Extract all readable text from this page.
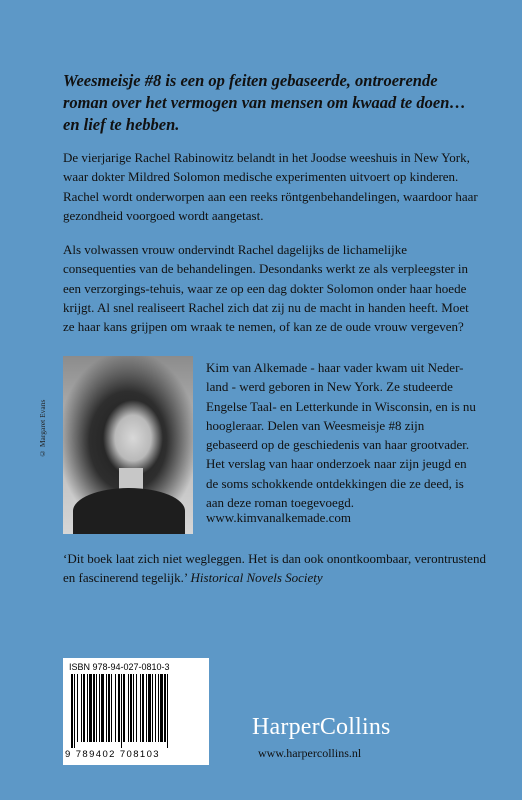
Weesmeisje #8 is een op feiten gebaseerde, ontroerende roman over het vermogen van mensen om kwaad te doen… en lief te hebben.

De vierjarige Rachel Rabinowitz belandt in het Joodse weeshuis in New York, waar dokter Mildred Solomon medische experimenten uitvoert op kinderen. Rachel wordt onderworpen aan een reeks röntgenbehandelingen, waardoor haar gezondheid voorgoed wordt aangetast.

Als volwassen vrouw ondervindt Rachel dagelijks de lichamelijke consequenties van de behandelingen. Desondanks werkt ze als verpleegster in een verzorgings-tehuis, waar ze op een dag dokter Solomon onder haar hoede krijgt. Al snel realiseert Rachel zich dat zij nu de macht in handen heeft. Moet ze haar kans grijpen om wraak te nemen, of kan ze de oude vrouw vergeven?

© Margaret Evans

Kim van Alkemade - haar vader kwam uit Neder-land - werd geboren in New York. Ze studeerde Engelse Taal- en Letterkunde in Wisconsin, en is nu hoogleraar. Delen van Weesmeisje #8 zijn gebaseerd op de geschiedenis van haar grootvader. Het verslag van haar onderzoek naar zijn jeugd en de soms schokkende ontdekkingen die ze deed, is aan deze roman toegevoegd.

www.kimvanalkemade.com

‘Dit boek laat zich niet wegleggen. Het is dan ook onontkoombaar, verontrustend en fascinerend tegelijk.’ Historical Novels Society

ISBN 978-94-027-0810-3
9 789402 708103

HarperCollins

www.harpercollins.nl
